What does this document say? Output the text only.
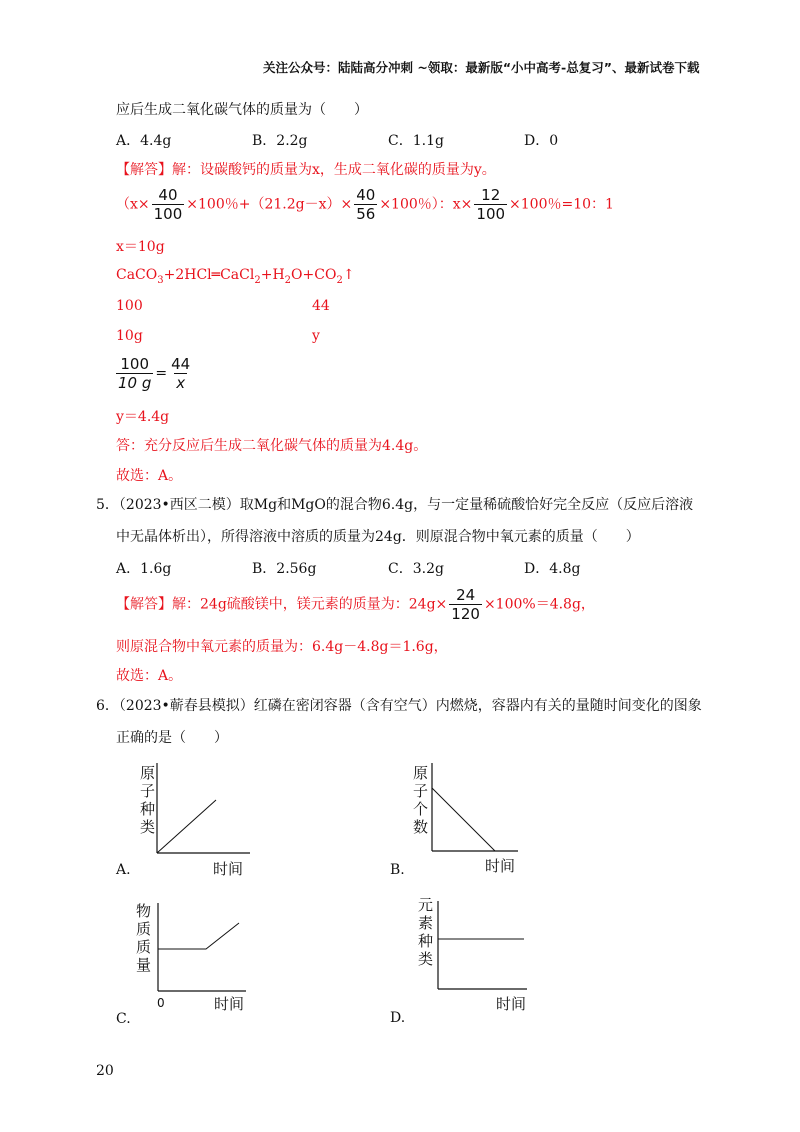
关注公众号：陆陆高分冲刺 ~领取：最新版“小中高考-总复习”、最新试卷下载
应后生成二氧化碳气体的质量为（　　）
A．4.4g	B．2.2g	C．1.1g	D．0
【解答】解：设碳酸钙的质量为x，生成二氧化碳的质量为y。
（$x\times \frac{40}{100} \times 100$％$+(21.2g-x)\times \frac{40}{56} \times 100$％）：$x\times \frac{12}{100} \times 100$％=10：1
x＝10g
$CaCO_3+2HCl═CaCl_2+H_2O+CO_2↑$
100	44
10g	y
$\frac{100}{10 g} = \frac{44}{x}$
y＝4.4g
答：充分反应后生成二氧化碳气体的质量为4.4g。
故选：A。
5．（2023•西区二模）取Mg和MgO的混合物6.4g，与一定量稀硫酸恰好完全反应（反应后溶液
中无晶体析出），所得溶液中溶质的质量为24g．则原混合物中氧元素的质量（　　）
A．1.6g	B．2.56g	C．3.2g	D．4.8g
【解答】解：24g硫酸镁中，镁元素的质量为：$24g\times \frac{24}{120} \times 100\%=4.8g$，
则原混合物中氧元素的质量为：6.4g－4.8g＝1.6g，
故选：A。
6．（2023•蕲春县模拟）红磷在密闭容器（含有空气）内燃烧，容器内有关的量随时间变化的图象
正确的是（　　）
原
子
种
类
时间
A.
原
子
个
数
时间
B.
物
质
质
量
0	时间
C.
元
素
种
类
时间
D.
20
